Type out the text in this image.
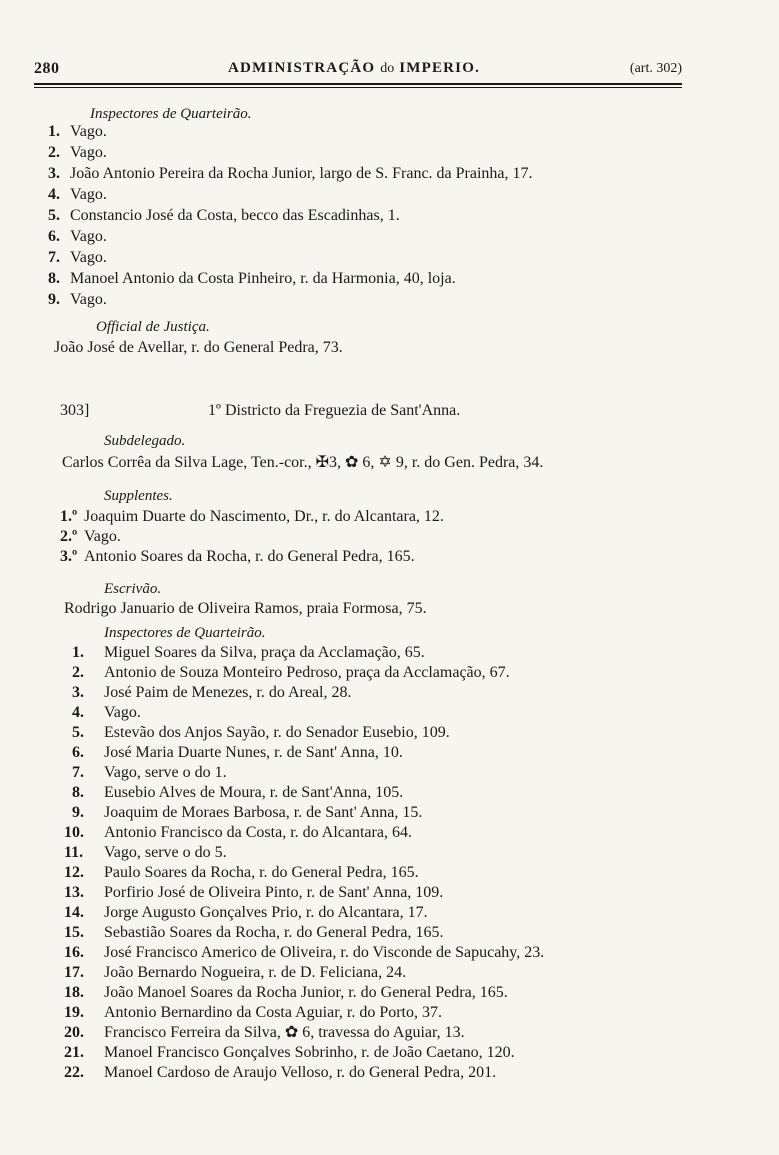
280	ADMINISTRAÇÃO do IMPERIO.	(art. 302)
Inspectores de Quarteirão.
1. Vago.
2. Vago.
3. João Antonio Pereira da Rocha Junior, largo de S. Franc. da Prainha, 17.
4. Vago.
5. Constancio José da Costa, becco das Escadinhas, 1.
6. Vago.
7. Vago.
8. Manoel Antonio da Costa Pinheiro, r. da Harmonia, 40, loja.
9. Vago.
Official de Justiça.
João José de Avellar, r. do General Pedra, 73.
303]	1º Districto da Freguezia de Sant'Anna.
Subdelegado.
Carlos Corrêa da Silva Lage, Ten.-cor., ✠3, ✿ 6, ✡ 9, r. do Gen. Pedra, 34.
Supplentes.
1.º Joaquim Duarte do Nascimento, Dr., r. do Alcantara, 12.
2.º Vago.
3.º Antonio Soares da Rocha, r. do General Pedra, 165.
Escrivão.
Rodrigo Januario de Oliveira Ramos, praia Formosa, 75.
Inspectores de Quarteirão.
1. Miguel Soares da Silva, praça da Acclamação, 65.
2. Antonio de Souza Monteiro Pedroso, praça da Acclamação, 67.
3. José Paim de Menezes, r. do Areal, 28.
4. Vago.
5. Estevão dos Anjos Sayão, r. do Senador Eusebio, 109.
6. José Maria Duarte Nunes, r. de Sant' Anna, 10.
7. Vago, serve o do 1.
8. Eusebio Alves de Moura, r. de Sant'Anna, 105.
9. Joaquim de Moraes Barbosa, r. de Sant' Anna, 15.
10. Antonio Francisco da Costa, r. do Alcantara, 64.
11. Vago, serve o do 5.
12. Paulo Soares da Rocha, r. do General Pedra, 165.
13. Porfirio José de Oliveira Pinto, r. de Sant' Anna, 109.
14. Jorge Augusto Gonçalves Prio, r. do Alcantara, 17.
15. Sebastião Soares da Rocha, r. do General Pedra, 165.
16. José Francisco Americo de Oliveira, r. do Visconde de Sapucahy, 23.
17. João Bernardo Nogueira, r. de D. Feliciana, 24.
18. João Manoel Soares da Rocha Junior, r. do General Pedra, 165.
19. Antonio Bernardino da Costa Aguiar, r. do Porto, 37.
20. Francisco Ferreira da Silva, ✿ 6, travessa do Aguiar, 13.
21. Manoel Francisco Gonçalves Sobrinho, r. de João Caetano, 120.
22. Manoel Cardoso de Araujo Velloso, r. do General Pedra, 201.
